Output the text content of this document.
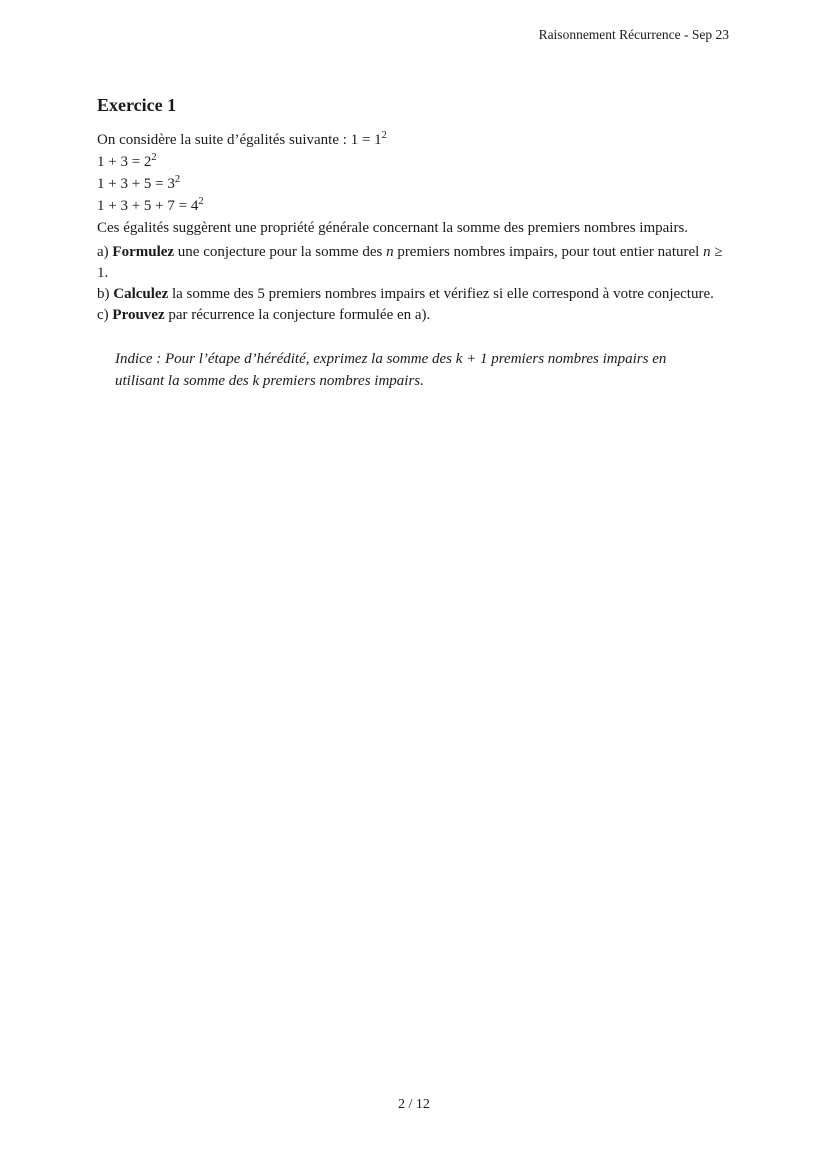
Raisonnement Récurrence - Sep 23
Exercice 1

On considère la suite d’égalités suivante : $1 = 1^2$

$1 + 3 = 2^2$

$1 + 3 + 5 = 3^2$

$1 + 3 + 5 + 7 = 4^2$

Ces égalités suggèrent une propriété générale concernant la somme des premiers nombres impairs.

a) Formulez une conjecture pour la somme des n premiers nombres impairs, pour tout entier naturel n ≥ 1.

b) Calculez la somme des 5 premiers nombres impairs et vérifiez si elle correspond à votre conjecture.

c) Prouvez par récurrence la conjecture formulée en a).

Indice : Pour l’étape d’hérédité, exprimez la somme des k + 1 premiers nombres impairs en utilisant la somme des k premiers nombres impairs.

2 / 12
